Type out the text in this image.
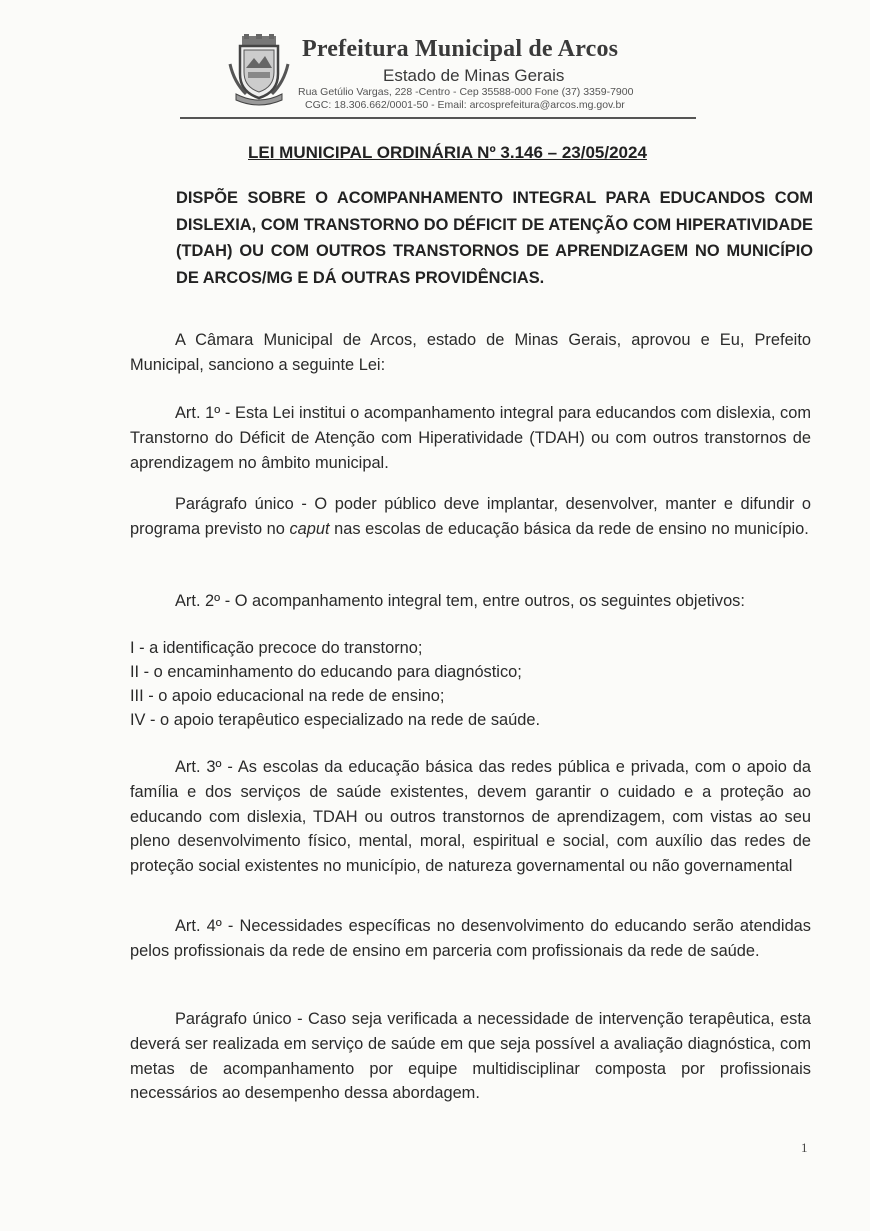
Prefeitura Municipal de Arcos
Estado de Minas Gerais
Rua Getúlio Vargas, 228 -Centro - Cep 35588-000 Fone (37) 3359-7900
CGC: 18.306.662/0001-50 - Email: arcosprefeitura@arcos.mg.gov.br
LEI MUNICIPAL ORDINÁRIA Nº 3.146 – 23/05/2024
DISPÕE SOBRE O ACOMPANHAMENTO INTEGRAL PARA EDUCANDOS COM DISLEXIA, COM TRANSTORNO DO DÉFICIT DE ATENÇÃO COM HIPERATIVIDADE (TDAH) OU COM OUTROS TRANSTORNOS DE APRENDIZAGEM NO MUNICÍPIO DE ARCOS/MG E DÁ OUTRAS PROVIDÊNCIAS.
A Câmara Municipal de Arcos, estado de Minas Gerais, aprovou e Eu, Prefeito Municipal, sanciono a seguinte Lei:
Art. 1º - Esta Lei institui o acompanhamento integral para educandos com dislexia, com Transtorno do Déficit de Atenção com Hiperatividade (TDAH) ou com outros transtornos de aprendizagem no âmbito municipal.
Parágrafo único - O poder público deve implantar, desenvolver, manter e difundir o programa previsto no caput nas escolas de educação básica da rede de ensino no município.
Art. 2º - O acompanhamento integral tem, entre outros, os seguintes objetivos:
I - a identificação precoce do transtorno;
II - o encaminhamento do educando para diagnóstico;
III - o apoio educacional na rede de ensino;
IV - o apoio terapêutico especializado na rede de saúde.
Art. 3º - As escolas da educação básica das redes pública e privada, com o apoio da família e dos serviços de saúde existentes, devem garantir o cuidado e a proteção ao educando com dislexia, TDAH ou outros transtornos de aprendizagem, com vistas ao seu pleno desenvolvimento físico, mental, moral, espiritual e social, com auxílio das redes de proteção social existentes no município, de natureza governamental ou não governamental
Art. 4º - Necessidades específicas no desenvolvimento do educando serão atendidas pelos profissionais da rede de ensino em parceria com profissionais da rede de saúde.
Parágrafo único - Caso seja verificada a necessidade de intervenção terapêutica, esta deverá ser realizada em serviço de saúde em que seja possível a avaliação diagnóstica, com metas de acompanhamento por equipe multidisciplinar composta por profissionais necessários ao desempenho dessa abordagem.
1
